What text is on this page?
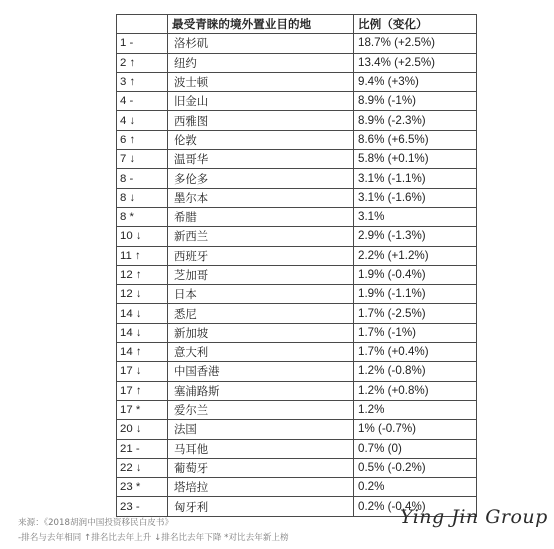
	最受青睐的境外置业目的地	比例（变化）
1 -	洛杉矶	18.7% (+2.5%)
2 ↑	纽约	13.4% (+2.5%)
3 ↑	波士顿	9.4% (+3%)
4 -	旧金山	8.9% (-1%)
4 ↓	西雅图	8.9% (-2.3%)
6 ↑	伦敦	8.6% (+6.5%)
7 ↓	温哥华	5.8% (+0.1%)
8 -	多伦多	3.1% (-1.1%)
8 ↓	墨尔本	3.1% (-1.6%)
8 *	希腊	3.1%
10 ↓	新西兰	2.9% (-1.3%)
11 ↑	西班牙	2.2% (+1.2%)
12 ↑	芝加哥	1.9% (-0.4%)
12 ↓	日本	1.9% (-1.1%)
14 ↓	悉尼	1.7% (-2.5%)
14 ↓	新加坡	1.7% (-1%)
14 ↑	意大利	1.7% (+0.4%)
17 ↓	中国香港	1.2% (-0.8%)
17 ↑	塞浦路斯	1.2% (+0.8%)
17 *	爱尔兰	1.2%
20 ↓	法国	1% (-0.7%)
21 -	马耳他	0.7% (0)
22 ↓	葡萄牙	0.5% (-0.2%)
23 *	塔培拉	0.2%
23 -	匈牙利	0.2% (-0.4%)
来源：《2018胡润中国投资移民白皮书》
-排名与去年相同 ↑排名比去年上升 ↓排名比去年下降 *对比去年新上榜
Ying Jin Group
